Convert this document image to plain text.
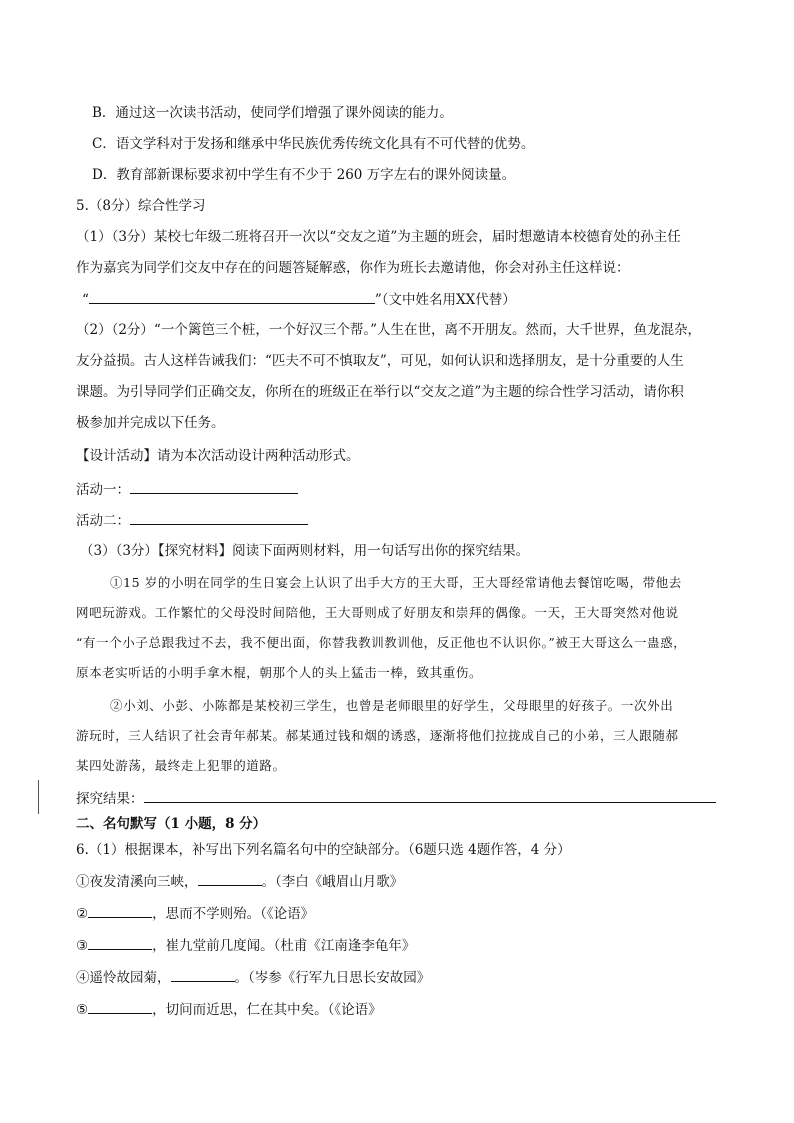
B．通过这一次读书活动，使同学们增强了课外阅读的能力。
C．语文学科对于发扬和继承中华民族优秀传统文化具有不可代替的优势。
D．教育部新课标要求初中学生有不少于 260 万字左右的课外阅读量。
5.（8分）综合性学习
（1）（3分）某校七年级二班将召开一次以“交友之道”为主题的班会，届时想邀请本校德育处的孙主任
作为嘉宾为同学们交友中存在的问题答疑解惑，你作为班长去邀请他，你会对孙主任这样说：
“	”（文中姓名用XX代替）
（2）（2分）“一个篱笆三个桩，一个好汉三个帮。”人生在世，离不开朋友。然而，大千世界，鱼龙混杂，
友分益损。古人这样告诫我们：“匹夫不可不慎取友”，可见，如何认识和选择朋友，是十分重要的人生
课题。为引导同学们正确交友，你所在的班级正在举行以“交友之道”为主题的综合性学习活动，请你积
极参加并完成以下任务。
【设计活动】请为本次活动设计两种活动形式。
活动一：
活动二：
（3）（3分）【探究材料】阅读下面两则材料，用一句话写出你的探究结果。
①15 岁的小明在同学的生日宴会上认识了出手大方的王大哥，王大哥经常请他去餐馆吃喝，带他去
网吧玩游戏。工作繁忙的父母没时间陪他，王大哥则成了好朋友和崇拜的偶像。一天，王大哥突然对他说
“有一个小子总跟我过不去，我不便出面，你替我教训教训他，反正他也不认识你。”被王大哥这么一蛊惑，
原本老实听话的小明手拿木棍，朝那个人的头上猛击一棒，致其重伤。
②小刘、小彭、小陈都是某校初三学生，也曾是老师眼里的好学生，父母眼里的好孩子。一次外出
游玩时，三人结识了社会青年郝某。郝某通过钱和烟的诱惑，逐渐将他们拉拢成自己的小弟，三人跟随郝
某四处游荡，最终走上犯罪的道路。
探究结果：
二、名句默写（1 小题，8 分）
6.（1）根据课本，补写出下列名篇名句中的空缺部分。（6题只选 4题作答，4 分）
①夜发清溪向三峡，	。（李白《峨眉山月歌》
②	，思而不学则殆。（《论语》
③	，崔九堂前几度闻。（杜甫《江南逢李龟年》
④遥怜故园菊，	。（岑参《行军九日思长安故园》
⑤	，切问而近思，仁在其中矣。（《论语》
